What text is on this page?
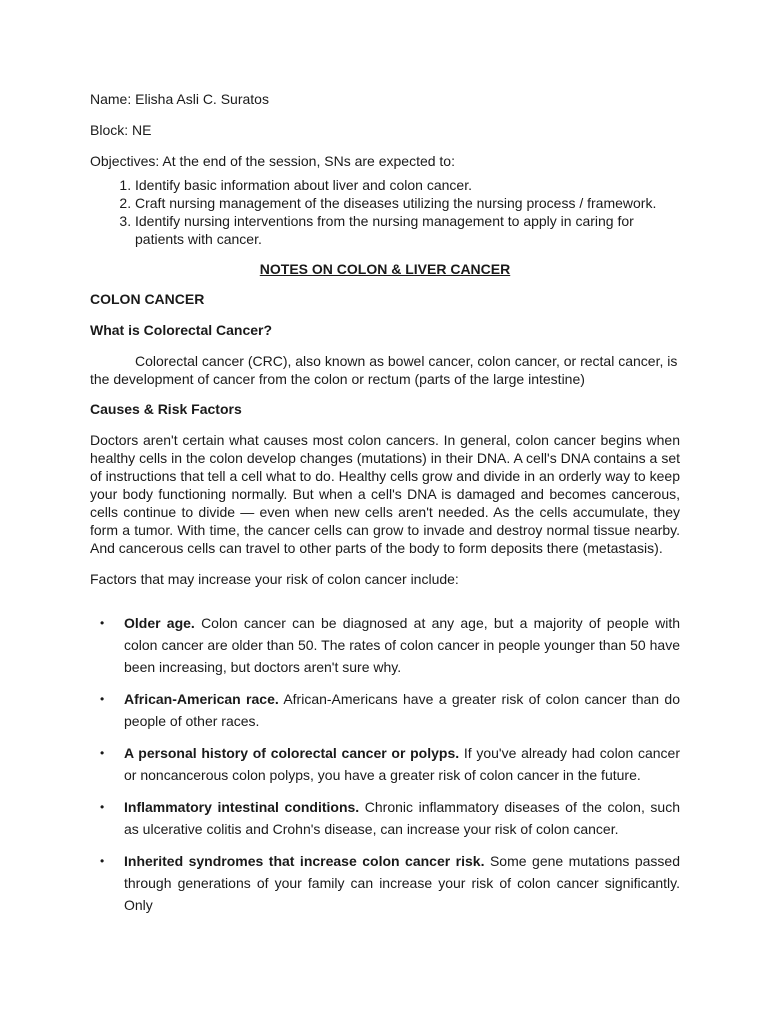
Name: Elisha Asli C. Suratos

Block: NE

Objectives: At the end of the session, SNs are expected to:

1. Identify basic information about liver and colon cancer.
2. Craft nursing management of the diseases utilizing the nursing process / framework.
3. Identify nursing interventions from the nursing management to apply in caring for patients with cancer.

NOTES ON COLON & LIVER CANCER

COLON CANCER

What is Colorectal Cancer?

Colorectal cancer (CRC), also known as bowel cancer, colon cancer, or rectal cancer, is the development of cancer from the colon or rectum (parts of the large intestine)

Causes & Risk Factors

Doctors aren't certain what causes most colon cancers. In general, colon cancer begins when healthy cells in the colon develop changes (mutations) in their DNA. A cell's DNA contains a set of instructions that tell a cell what to do. Healthy cells grow and divide in an orderly way to keep your body functioning normally. But when a cell's DNA is damaged and becomes cancerous, cells continue to divide — even when new cells aren't needed. As the cells accumulate, they form a tumor. With time, the cancer cells can grow to invade and destroy normal tissue nearby. And cancerous cells can travel to other parts of the body to form deposits there (metastasis).

Factors that may increase your risk of colon cancer include:

• Older age. Colon cancer can be diagnosed at any age, but a majority of people with colon cancer are older than 50. The rates of colon cancer in people younger than 50 have been increasing, but doctors aren't sure why.
• African-American race. African-Americans have a greater risk of colon cancer than do people of other races.
• A personal history of colorectal cancer or polyps. If you've already had colon cancer or noncancerous colon polyps, you have a greater risk of colon cancer in the future.
• Inflammatory intestinal conditions. Chronic inflammatory diseases of the colon, such as ulcerative colitis and Crohn's disease, can increase your risk of colon cancer.
• Inherited syndromes that increase colon cancer risk. Some gene mutations passed through generations of your family can increase your risk of colon cancer significantly. Only
